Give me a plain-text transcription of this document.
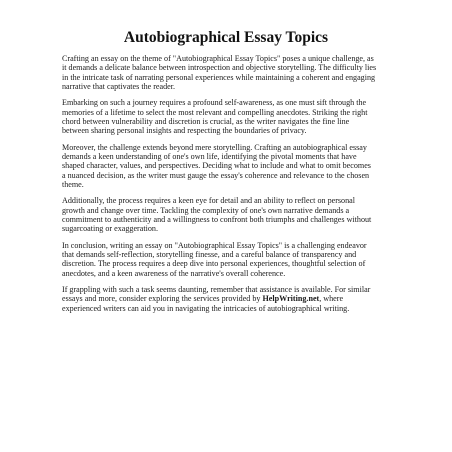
Autobiographical Essay Topics

Crafting an essay on the theme of "Autobiographical Essay Topics" poses a unique challenge, as
it demands a delicate balance between introspection and objective storytelling. The difficulty lies
in the intricate task of narrating personal experiences while maintaining a coherent and engaging
narrative that captivates the reader.

Embarking on such a journey requires a profound self-awareness, as one must sift through the
memories of a lifetime to select the most relevant and compelling anecdotes. Striking the right
chord between vulnerability and discretion is crucial, as the writer navigates the fine line
between sharing personal insights and respecting the boundaries of privacy.

Moreover, the challenge extends beyond mere storytelling. Crafting an autobiographical essay
demands a keen understanding of one's own life, identifying the pivotal moments that have
shaped character, values, and perspectives. Deciding what to include and what to omit becomes
a nuanced decision, as the writer must gauge the essay's coherence and relevance to the chosen
theme.

Additionally, the process requires a keen eye for detail and an ability to reflect on personal
growth and change over time. Tackling the complexity of one's own narrative demands a
commitment to authenticity and a willingness to confront both triumphs and challenges without
sugarcoating or exaggeration.

In conclusion, writing an essay on "Autobiographical Essay Topics" is a challenging endeavor
that demands self-reflection, storytelling finesse, and a careful balance of transparency and
discretion. The process requires a deep dive into personal experiences, thoughtful selection of
anecdotes, and a keen awareness of the narrative's overall coherence.

If grappling with such a task seems daunting, remember that assistance is available. For similar
essays and more, consider exploring the services provided by HelpWriting.net, where
experienced writers can aid you in navigating the intricacies of autobiographical writing.
